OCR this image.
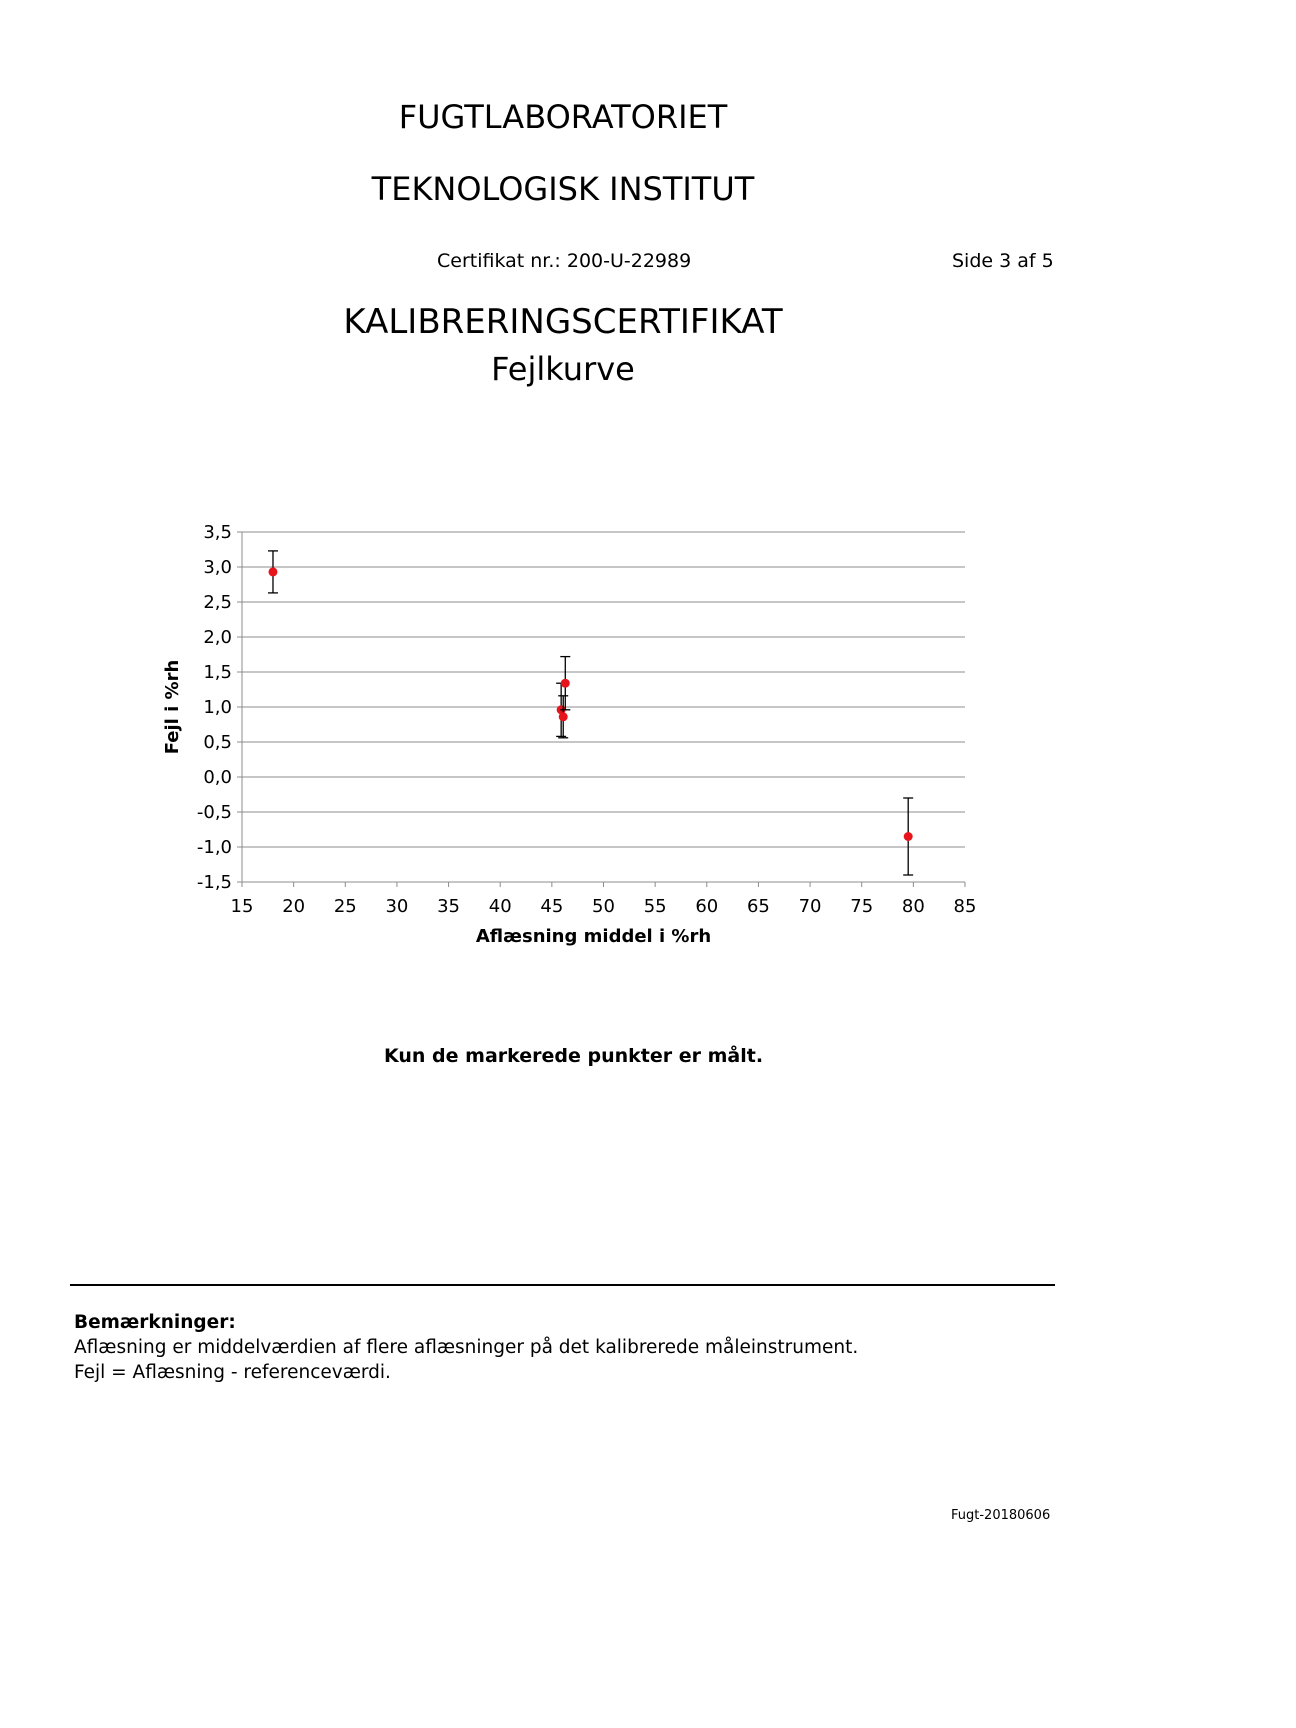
FUGTLABORATORIET
TEKNOLOGISK INSTITUT
Certifikat nr.: 200-U-22989	Side 3 af 5
KALIBRERINGSCERTIFIKAT
Fejlkurve
-1,5
-1,0
-0,5
0,0
0,5
1,0
1,5
2,0
2,5
3,0
3,5
15 20 25 30 35 40 45 50 55 60 65 70 75 80 85
Aflæsning middel i %rh
Fejl i %rh
Kun de markerede punkter er målt.
Bemærkninger:
Aflæsning er middelværdien af flere aflæsninger på det kalibrerede måleinstrument.
Fejl = Aflæsning - referenceværdi.
Fugt-20180606
